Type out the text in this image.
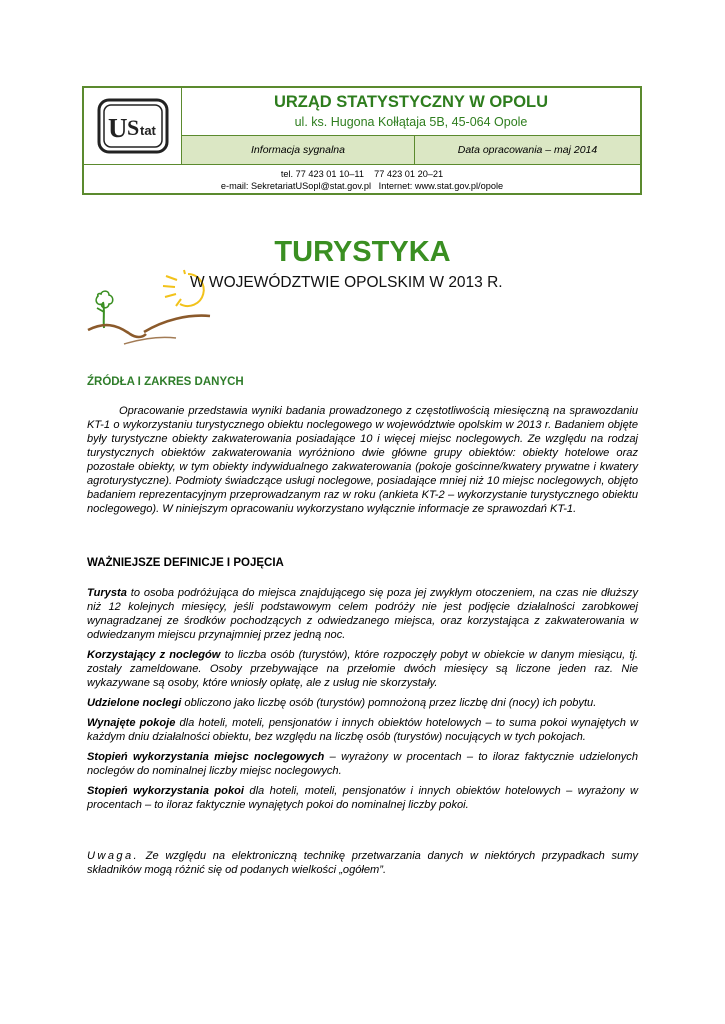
U S tat
URZĄD STATYSTYCZNY W OPOLU
ul. ks. Hugona Kołłątaja 5B, 45-064 Opole
Informacja sygnalna	Data opracowania – maj 2014
tel. 77 423 01 10–11    77 423 01 20–21
e-mail: SekretariatUSopl@stat.gov.pl   Internet: www.stat.gov.pl/opole
TURYSTYKA
W WOJEWÓDZTWIE OPOLSKIM W 2013 R.
ŹRÓDŁA I ZAKRES DANYCH
Opracowanie przedstawia wyniki badania prowadzonego z częstotliwością miesięczną na sprawozdaniu KT-1 o wykorzystaniu turystycznego obiektu noclegowego w województwie opolskim w 2013 r. Badaniem objęte były turystyczne obiekty zakwaterowania posiadające 10 i więcej miejsc noclegowych. Ze względu na rodzaj turystycznych obiektów zakwaterowania wyróżniono dwie główne grupy obiektów: obiekty hotelowe oraz pozostałe obiekty, w tym obiekty indywidualnego zakwaterowania (pokoje gościnne/kwatery prywatne i kwatery agroturystyczne). Podmioty świadczące usługi noclegowe, posiadające mniej niż 10 miejsc noclegowych, objęto badaniem reprezentacyjnym przeprowadzanym raz w roku (ankieta KT-2 – wykorzystanie turystycznego obiektu noclegowego). W niniejszym opracowaniu wykorzystano wyłącznie informacje ze sprawozdań KT-1.
WAŻNIEJSZE DEFINICJE I POJĘCIA

Turysta to osoba podróżująca do miejsca znajdującego się poza jej zwykłym otoczeniem, na czas nie dłuższy niż 12 kolejnych miesięcy, jeśli podstawowym celem podróży nie jest podjęcie działalności zarobkowej wynagradzanej ze środków pochodzących z odwiedzanego miejsca, oraz korzystająca z zakwaterowania w odwiedzanym miejscu przynajmniej przez jedną noc.

Korzystający z noclegów to liczba osób (turystów), które rozpoczęły pobyt w obiekcie w danym miesiącu, tj. zostały zameldowane. Osoby przebywające na przełomie dwóch miesięcy są liczone jeden raz. Nie wykazywane są osoby, które wniosły opłatę, ale z usług nie skorzystały.

Udzielone noclegi obliczono jako liczbę osób (turystów) pomnożoną przez liczbę dni (nocy) ich pobytu.

Wynajęte pokoje dla hoteli, moteli, pensjonatów i innych obiektów hotelowych – to suma pokoi wynajętych w każdym dniu działalności obiektu, bez względu na liczbę osób (turystów) nocujących w tych pokojach.

Stopień wykorzystania miejsc noclegowych – wyrażony w procentach – to iloraz faktycznie udzielonych noclegów do nominalnej liczby miejsc noclegowych.

Stopień wykorzystania pokoi dla hoteli, moteli, pensjonatów i innych obiektów hotelowych – wyrażony w procentach – to iloraz faktycznie wynajętych pokoi do nominalnej liczby pokoi.

Uwaga. Ze względu na elektroniczną technikę przetwarzania danych w niektórych przypadkach sumy składników mogą różnić się od podanych wielkości „ogółem”.
